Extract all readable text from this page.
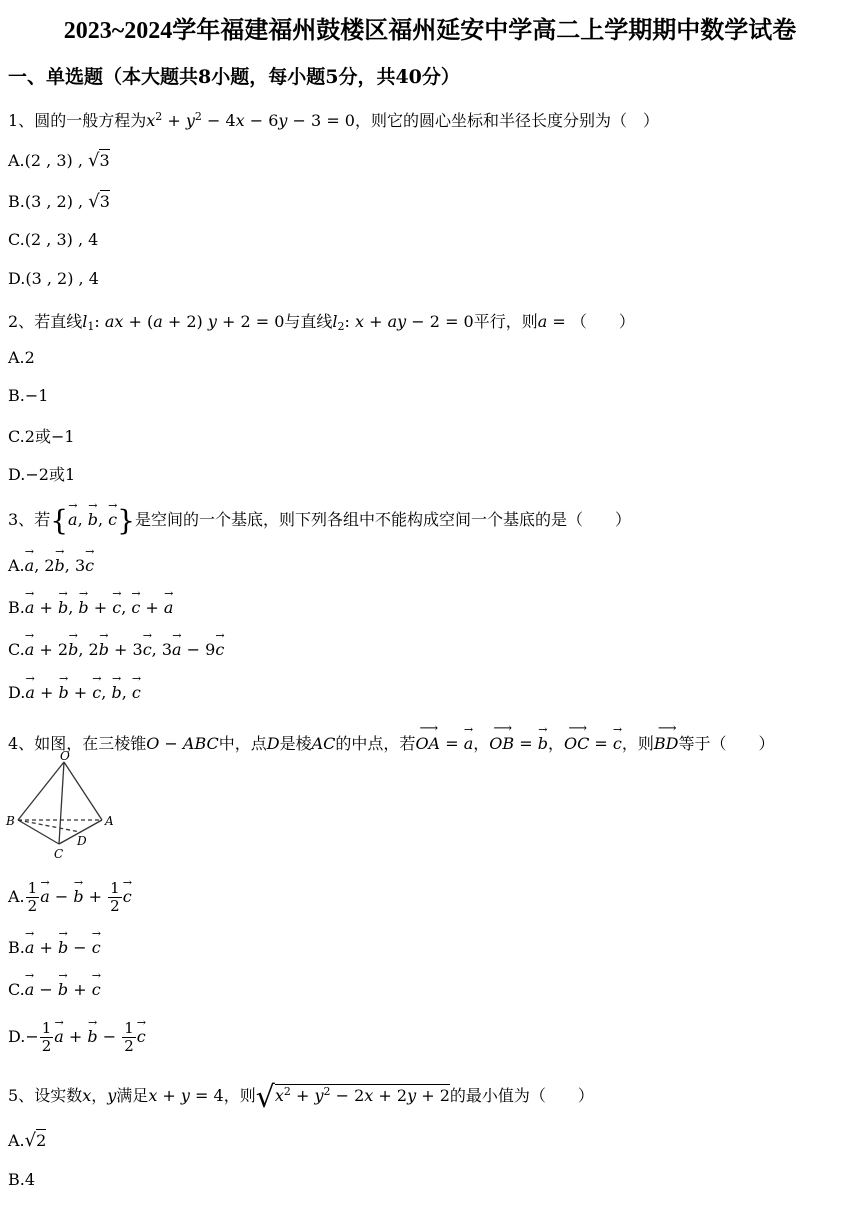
2023~2024学年福建福州鼓楼区福州延安中学高二上学期期中数学试卷
一、单选题（本大题共8小题，每小题5分，共40分）
1、圆的一般方程为$x^2 + y^2 - 4x - 6y - 3 = 0$，则它的圆心坐标和半径长度分别为（　）
A.(2 , 3) , √3
B.(3 , 2) , √3
C.(2 , 3) , 4
D.(3 , 2) , 4
2、若直线$l_1$: ax + (a + 2) y + 2 = 0与直线$l_2$: x + ay − 2 = 0平行，则a = （　　）
A.2
B.−1
C.2或−1
D.−2或1
3、若{→ a, → b, → c}是空间的一个基底，则下列各组中不能构成空间一个基底的是（　　）
A.→ a, 2→ b, 3→ c
B.→ a + → b, → b + → c, → c + → a
C.→ a + 2→ b, 2→ b + 3→ c, 3→ a − 9→ c
D.→ a + → b + → c, → b, → c
4、如图，在三棱锥O − ABC中，点D是棱AC的中点，若⟶ OA = → a，⟶ OB = → b，⟶ OC = → c，则⟶ BD等于（　　）
O
B	A
D
C
A. $\frac{1}{2}$
→ a − → $b + \frac{1}{2}$
→ c
B.→ a + → b − → c
C.→ a − → b + → c
$D.- \frac{1}{2}$
→ a + → $b - \frac{1}{2}$
→ c
5、设实数x，y满足x + y = 4，则$√x^2 + y^2 - 2x + 2y + 2$的最小值为（　　）
A.√2
B.4
